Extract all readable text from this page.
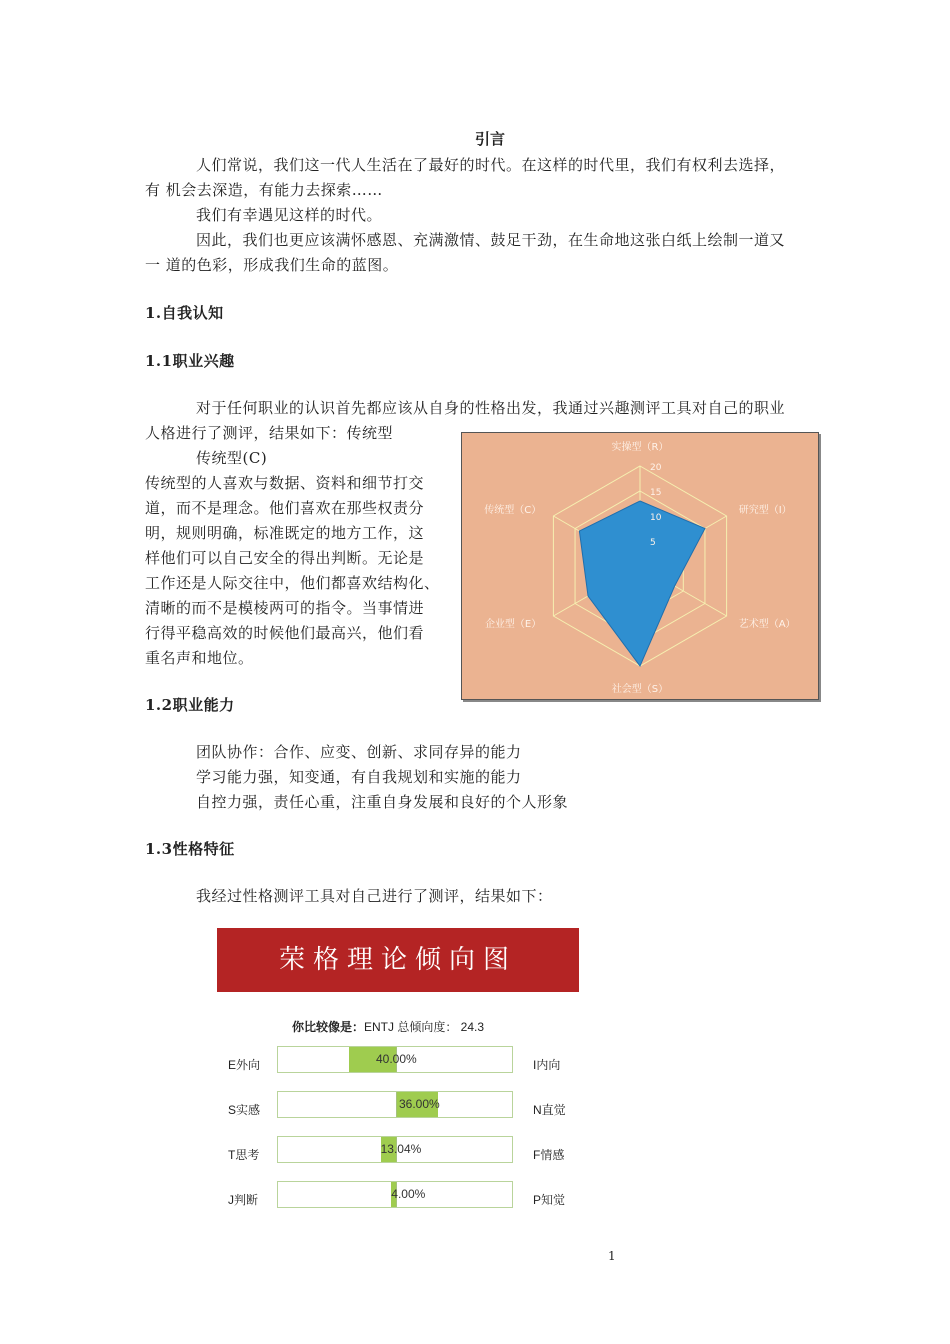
引言
人们常说，我们这一代人生活在了最好的时代。在这样的时代里，我们有权利去选择，
有 机会去深造，有能力去探索……
我们有幸遇见这样的时代。
因此，我们也更应该满怀感恩、充满激情、鼓足干劲，在生命地这张白纸上绘制一道又
一 道的色彩，形成我们生命的蓝图。
1.自我认知
1.1职业兴趣
对于任何职业的认识首先都应该从自身的性格出发，我通过兴趣测评工具对自己的职业
人格进行了测评，结果如下：传统型
传统型(C)
传统型的人喜欢与数据、资料和细节打交
道，而不是理念。他们喜欢在那些权责分
明，规则明确，标准既定的地方工作，这
样他们可以自己安全的得出判断。无论是
工作还是人际交往中，他们都喜欢结构化、
清晰的而不是模棱两可的指令。当事情进
行得平稳高效的时候他们最高兴，他们看
重名声和地位。
5
10
15
20
实操型（R）
研究型（I）
艺术型（A）
社会型（S）
企业型（E）
传统型（C）
1.2职业能力
团队协作：合作、应变、创新、求同存异的能力
学习能力强，知变通，有自我规划和实施的能力
自控力强，责任心重，注重自身发展和良好的个人形象
1.3性格特征
我经过性格测评工具对自己进行了测评，结果如下：
荣格理论倾向图
你比较像是：ENTJ 总倾向度： 24.3
E外向	40.00%	I内向
S实感	36.00%	N直觉
T思考	13.04%	F情感
J判断	4.00%	P知觉
1
